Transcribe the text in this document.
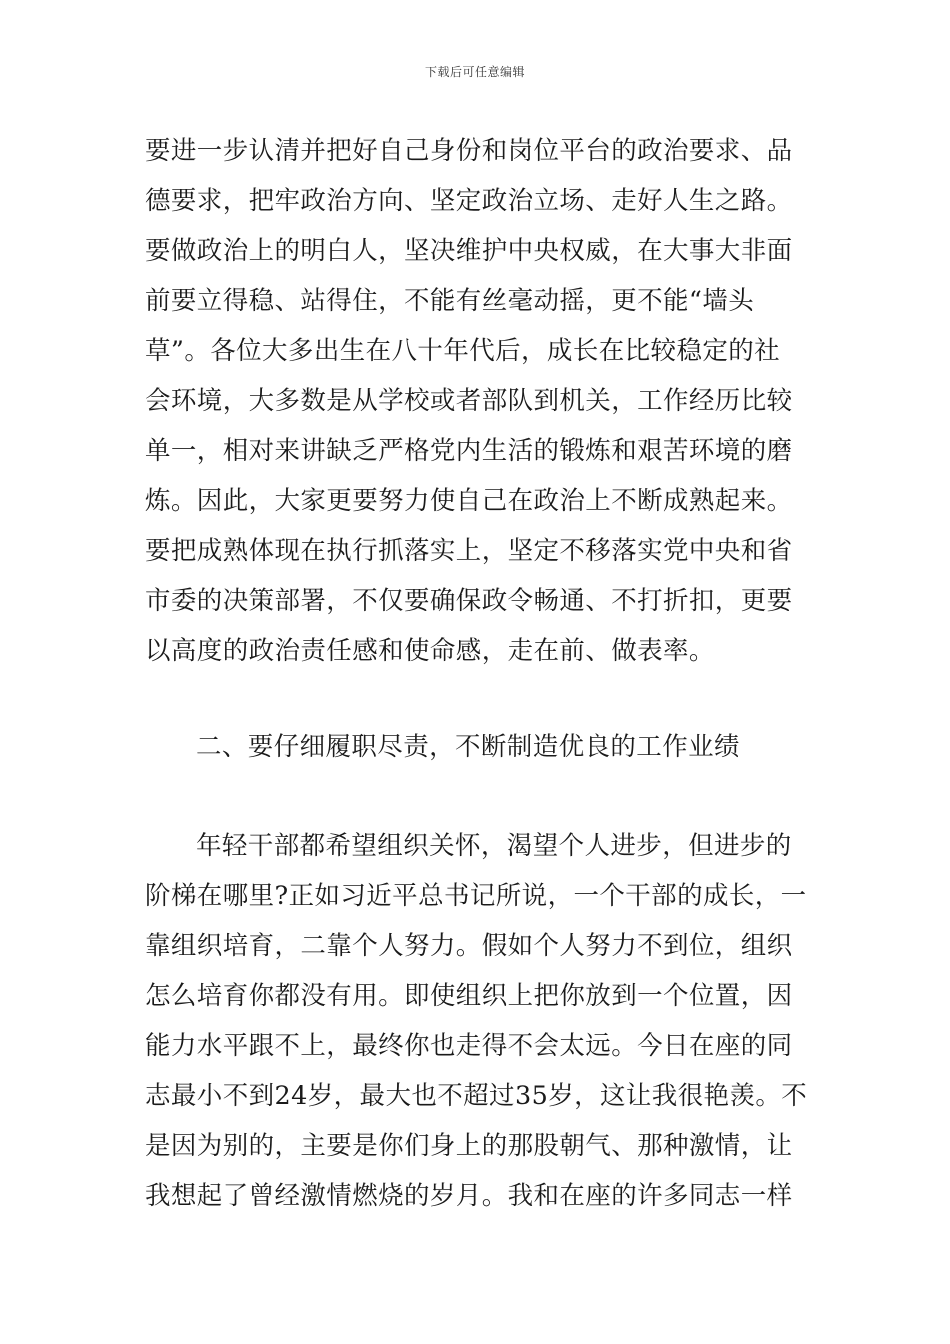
下载后可任意编辑
要进一步认清并把好自己身份和岗位平台的政治要求、品
德要求，把牢政治方向、坚定政治立场、走好人生之路。
要做政治上的明白人，坚决维护中央权威，在大事大非面
前要立得稳、站得住，不能有丝毫动摇，更不能“墙头
草”。各位大多出生在八十年代后，成长在比较稳定的社
会环境，大多数是从学校或者部队到机关，工作经历比较
单一，相对来讲缺乏严格党内生活的锻炼和艰苦环境的磨
炼。因此，大家更要努力使自己在政治上不断成熟起来。
要把成熟体现在执行抓落实上，坚定不移落实党中央和省
市委的决策部署，不仅要确保政令畅通、不打折扣，更要
以高度的政治责任感和使命感，走在前、做表率。
二、要仔细履职尽责，不断制造优良的工作业绩
年轻干部都希望组织关怀，渴望个人进步，但进步的
阶梯在哪里?正如习近平总书记所说，一个干部的成长，一
靠组织培育，二靠个人努力。假如个人努力不到位，组织
怎么培育你都没有用。即使组织上把你放到一个位置，因
能力水平跟不上，最终你也走得不会太远。今日在座的同
志最小不到24岁，最大也不超过35岁，这让我很艳羡。不
是因为别的，主要是你们身上的那股朝气、那种激情，让
我想起了曾经激情燃烧的岁月。我和在座的许多同志一样
